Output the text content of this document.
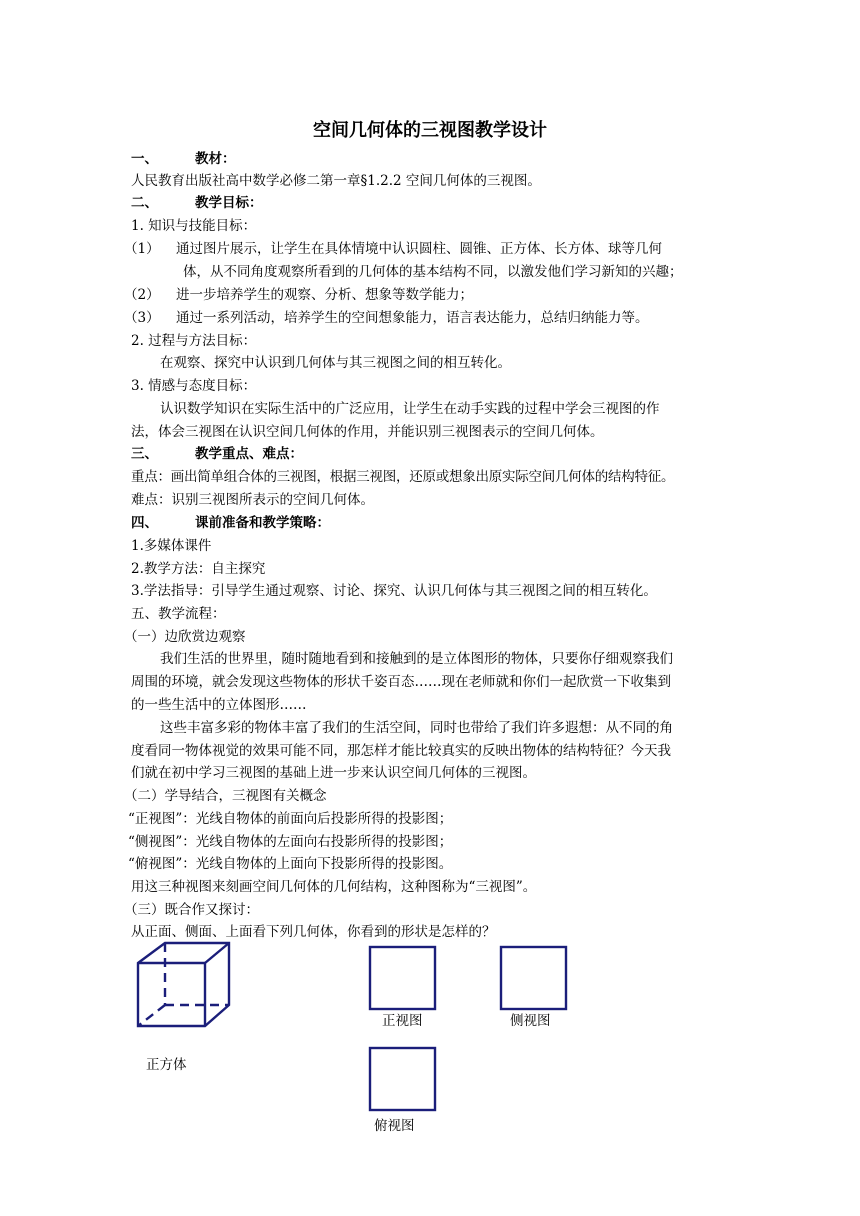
空间几何体的三视图教学设计
一、	教材：
人民教育出版社高中数学必修二第一章§1.2.2 空间几何体的三视图。
二、	教学目标：
1. 知识与技能目标：
（1） 通过图片展示，让学生在具体情境中认识圆柱、圆锥、正方体、长方体、球等几何
体，从不同角度观察所看到的几何体的基本结构不同，以激发他们学习新知的兴趣；
（2） 进一步培养学生的观察、分析、想象等数学能力；
（3） 通过一系列活动，培养学生的空间想象能力，语言表达能力，总结归纳能力等。
2. 过程与方法目标：
在观察、探究中认识到几何体与其三视图之间的相互转化。
3. 情感与态度目标：
认识数学知识在实际生活中的广泛应用，让学生在动手实践的过程中学会三视图的作
法，体会三视图在认识空间几何体的作用，并能识别三视图表示的空间几何体。
三、	教学重点、难点：
重点：画出简单组合体的三视图，根据三视图，还原或想象出原实际空间几何体的结构特征。
难点：识别三视图所表示的空间几何体。
四、	课前准备和教学策略：
1.多媒体课件
2.教学方法：自主探究
3.学法指导：引导学生通过观察、讨论、探究、认识几何体与其三视图之间的相互转化。
五、教学流程：
（一）边欣赏边观察
我们生活的世界里，随时随地看到和接触到的是立体图形的物体，只要你仔细观察我们
周围的环境，就会发现这些物体的形状千姿百态……现在老师就和你们一起欣赏一下收集到
的一些生活中的立体图形……
这些丰富多彩的物体丰富了我们的生活空间，同时也带给了我们许多遐想：从不同的角
度看同一物体视觉的效果可能不同，那怎样才能比较真实的反映出物体的结构特征？今天我
们就在初中学习三视图的基础上进一步来认识空间几何体的三视图。
（二）学导结合，三视图有关概念
“正视图”：光线自物体的前面向后投影所得的投影图；
“侧视图”：光线自物体的左面向右投影所得的投影图；
“俯视图”：光线自物体的上面向下投影所得的投影图。
用这三种视图来刻画空间几何体的几何结构，这种图称为“三视图”。
（三）既合作又探讨：
从正面、侧面、上面看下列几何体，你看到的形状是怎样的？
正视图	侧视图
正方体
俯视图
